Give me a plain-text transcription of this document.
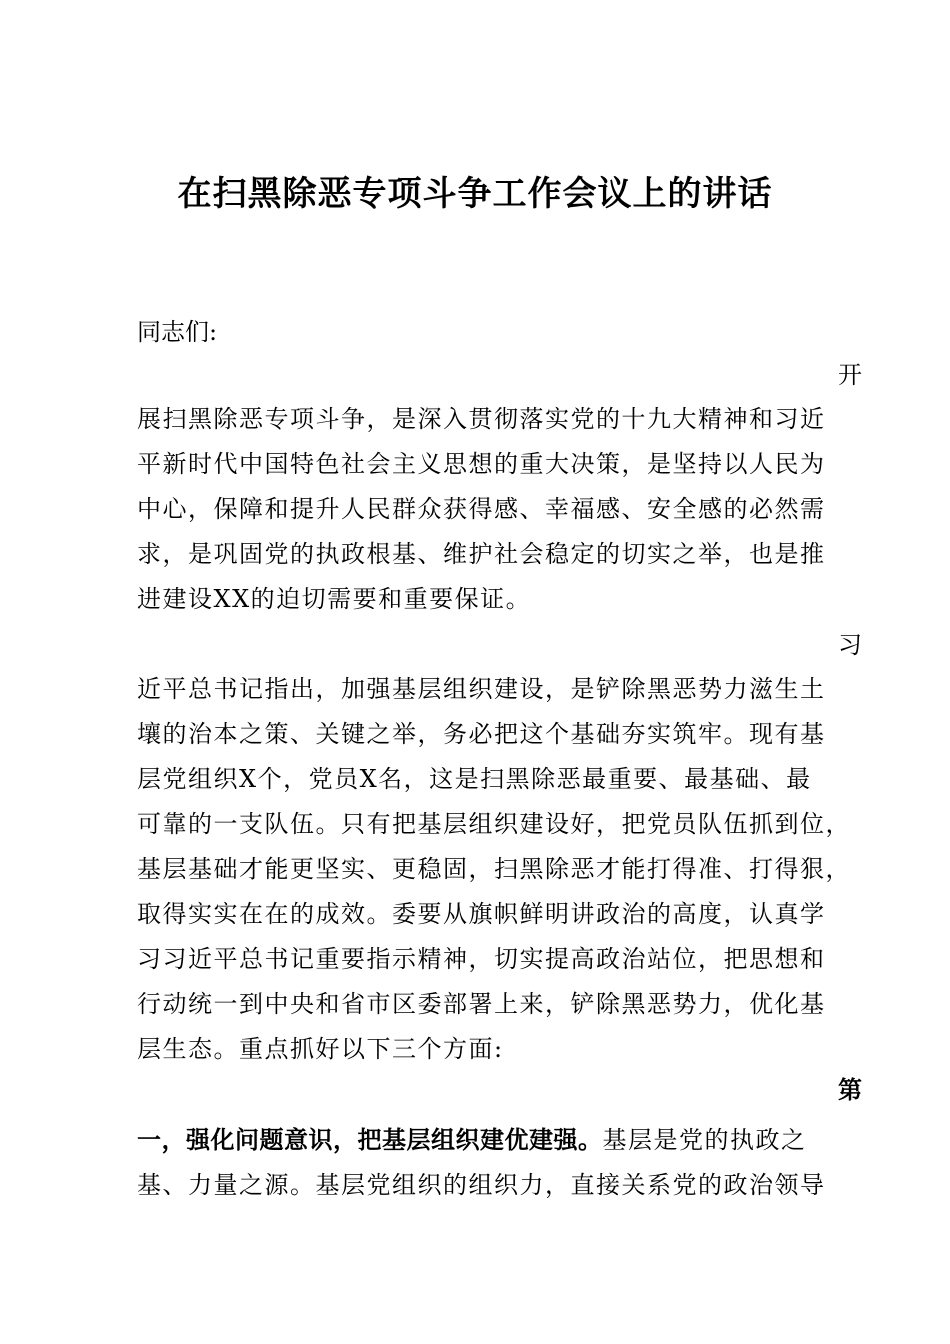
在扫黑除恶专项斗争工作会议上的讲话
同志们:
开
展扫黑除恶专项斗争，是深入贯彻落实党的十九大精神和习近
平新时代中国特色社会主义思想的重大决策，是坚持以人民为
中心，保障和提升人民群众获得感、幸福感、安全感的必然需
求，是巩固党的执政根基、维护社会稳定的切实之举，也是推
进建设XX的迫切需要和重要保证。
习
近平总书记指出，加强基层组织建设，是铲除黑恶势力滋生土
壤的治本之策、关键之举，务必把这个基础夯实筑牢。现有基
层党组织X个，党员X名，这是扫黑除恶最重要、最基础、最
可靠的一支队伍。只有把基层组织建设好，把党员队伍抓到位，
基层基础才能更坚实、更稳固，扫黑除恶才能打得准、打得狠，
取得实实在在的成效。委要从旗帜鲜明讲政治的高度，认真学
习习近平总书记重要指示精神，切实提高政治站位，把思想和
行动统一到中央和省市区委部署上来，铲除黑恶势力，优化基
层生态。重点抓好以下三个方面:
第
一，强化问题意识，把基层组织建优建强。基层是党的执政之
基、力量之源。基层党组织的组织力，直接关系党的政治领导
